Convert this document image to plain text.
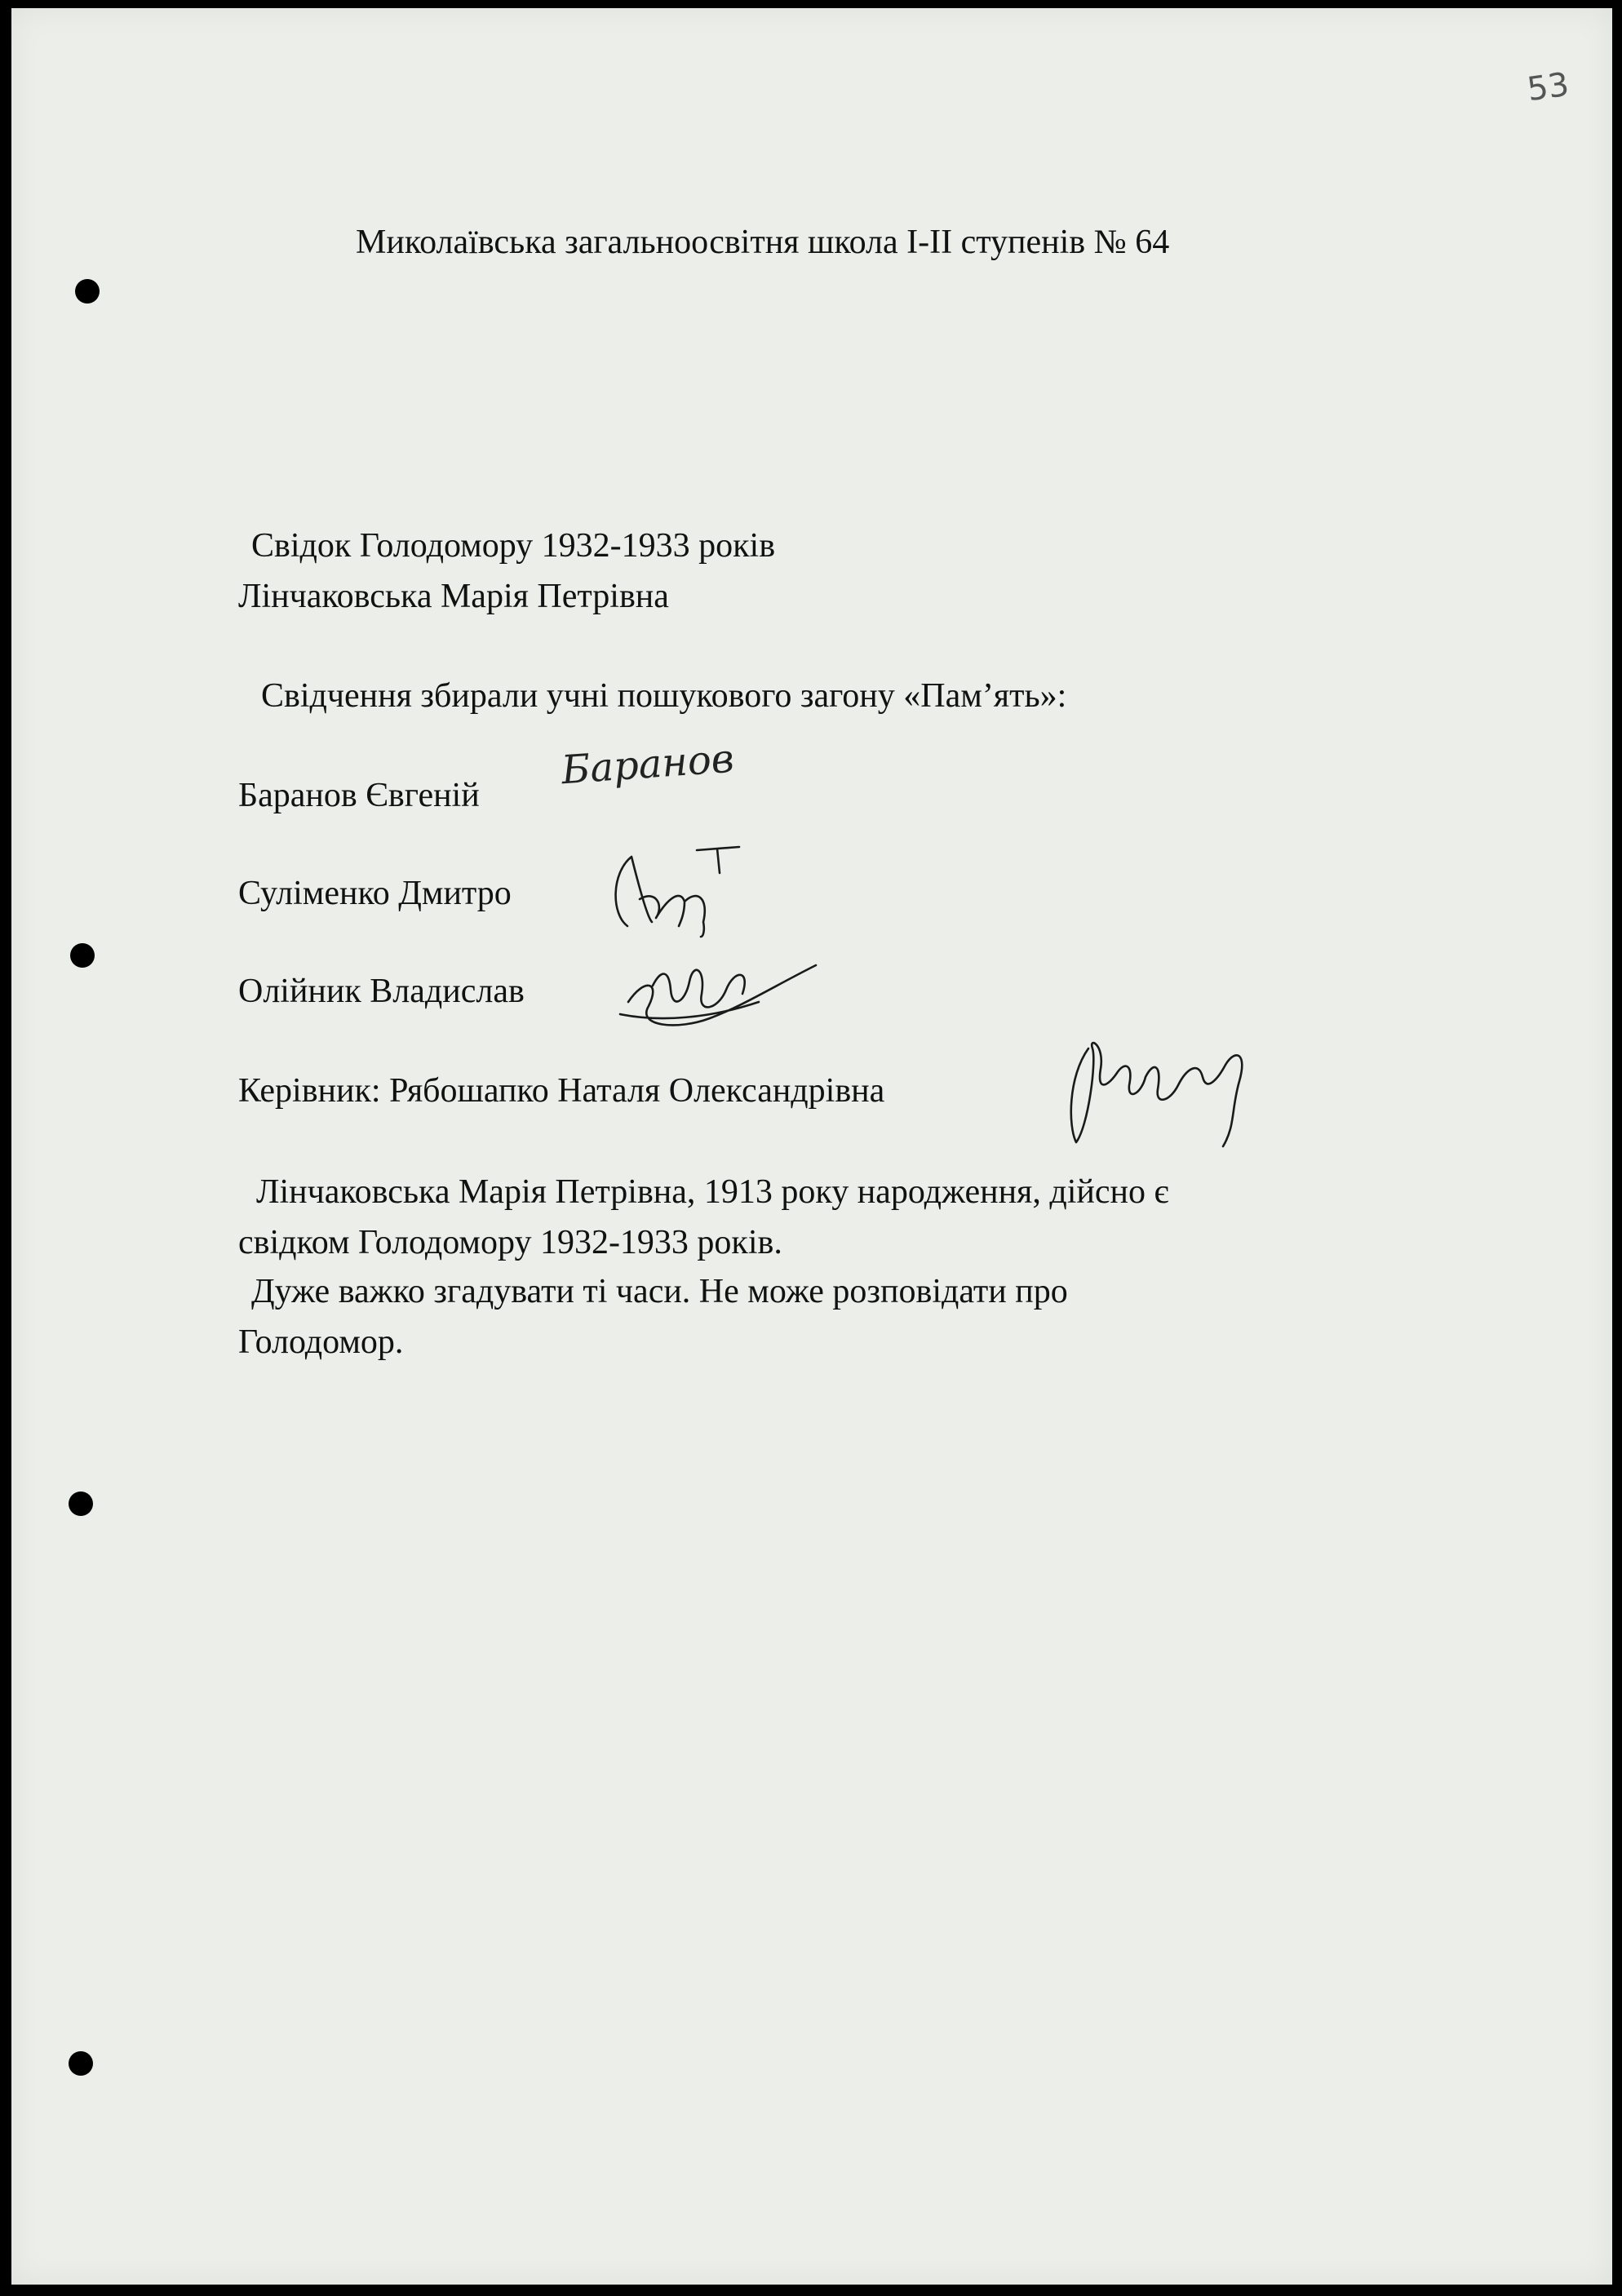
53

Миколаївська загальноосвітня школа І-ІІ ступенів № 64

Свідок Голодомору 1932-1933 років

Лінчаковська Марія Петрівна

Свідчення збирали учні пошукового загону «Пам’ять»:

Баранов Євгеній

Баранов

Суліменко Дмитро

Олійник Владислав

Керівник: Рябошапко Наталя Олександрівна

Лінчаковська Марія Петрівна, 1913 року народження, дійсно є

свідком Голодомору 1932-1933 років.

Дуже важко згадувати ті часи. Не може розповідати про

Голодомор.
